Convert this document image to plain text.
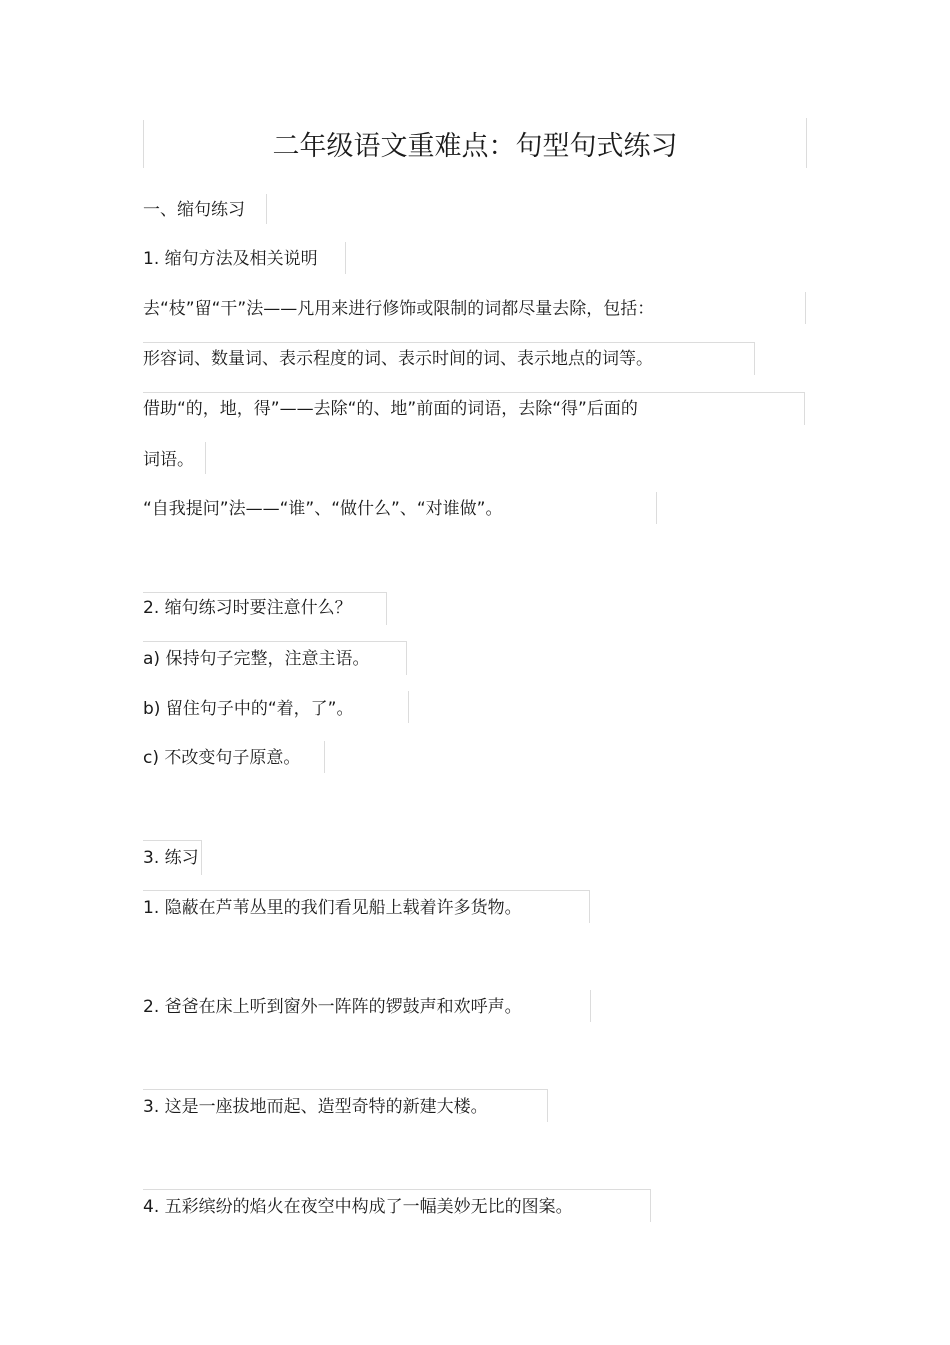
二年级语文重难点：句型句式练习
一、缩句练习
1. 缩句方法及相关说明
去“枝”留“干”法——凡用来进行修饰或限制的词都尽量去除，包括：
形容词、数量词、表示程度的词、表示时间的词、表示地点的词等。
借助“的，地，得”——去除“的、地”前面的词语，去除“得”后面的
词语。
“自我提问”法——“谁”、“做什么”、“对谁做”。
2. 缩句练习时要注意什么？
a) 保持句子完整，注意主语。
b) 留住句子中的“着，了”。
c) 不改变句子原意。
3. 练习
1. 隐蔽在芦苇丛里的我们看见船上载着许多货物。
2. 爸爸在床上听到窗外一阵阵的锣鼓声和欢呼声。
3. 这是一座拔地而起、造型奇特的新建大楼。
4. 五彩缤纷的焰火在夜空中构成了一幅美妙无比的图案。
